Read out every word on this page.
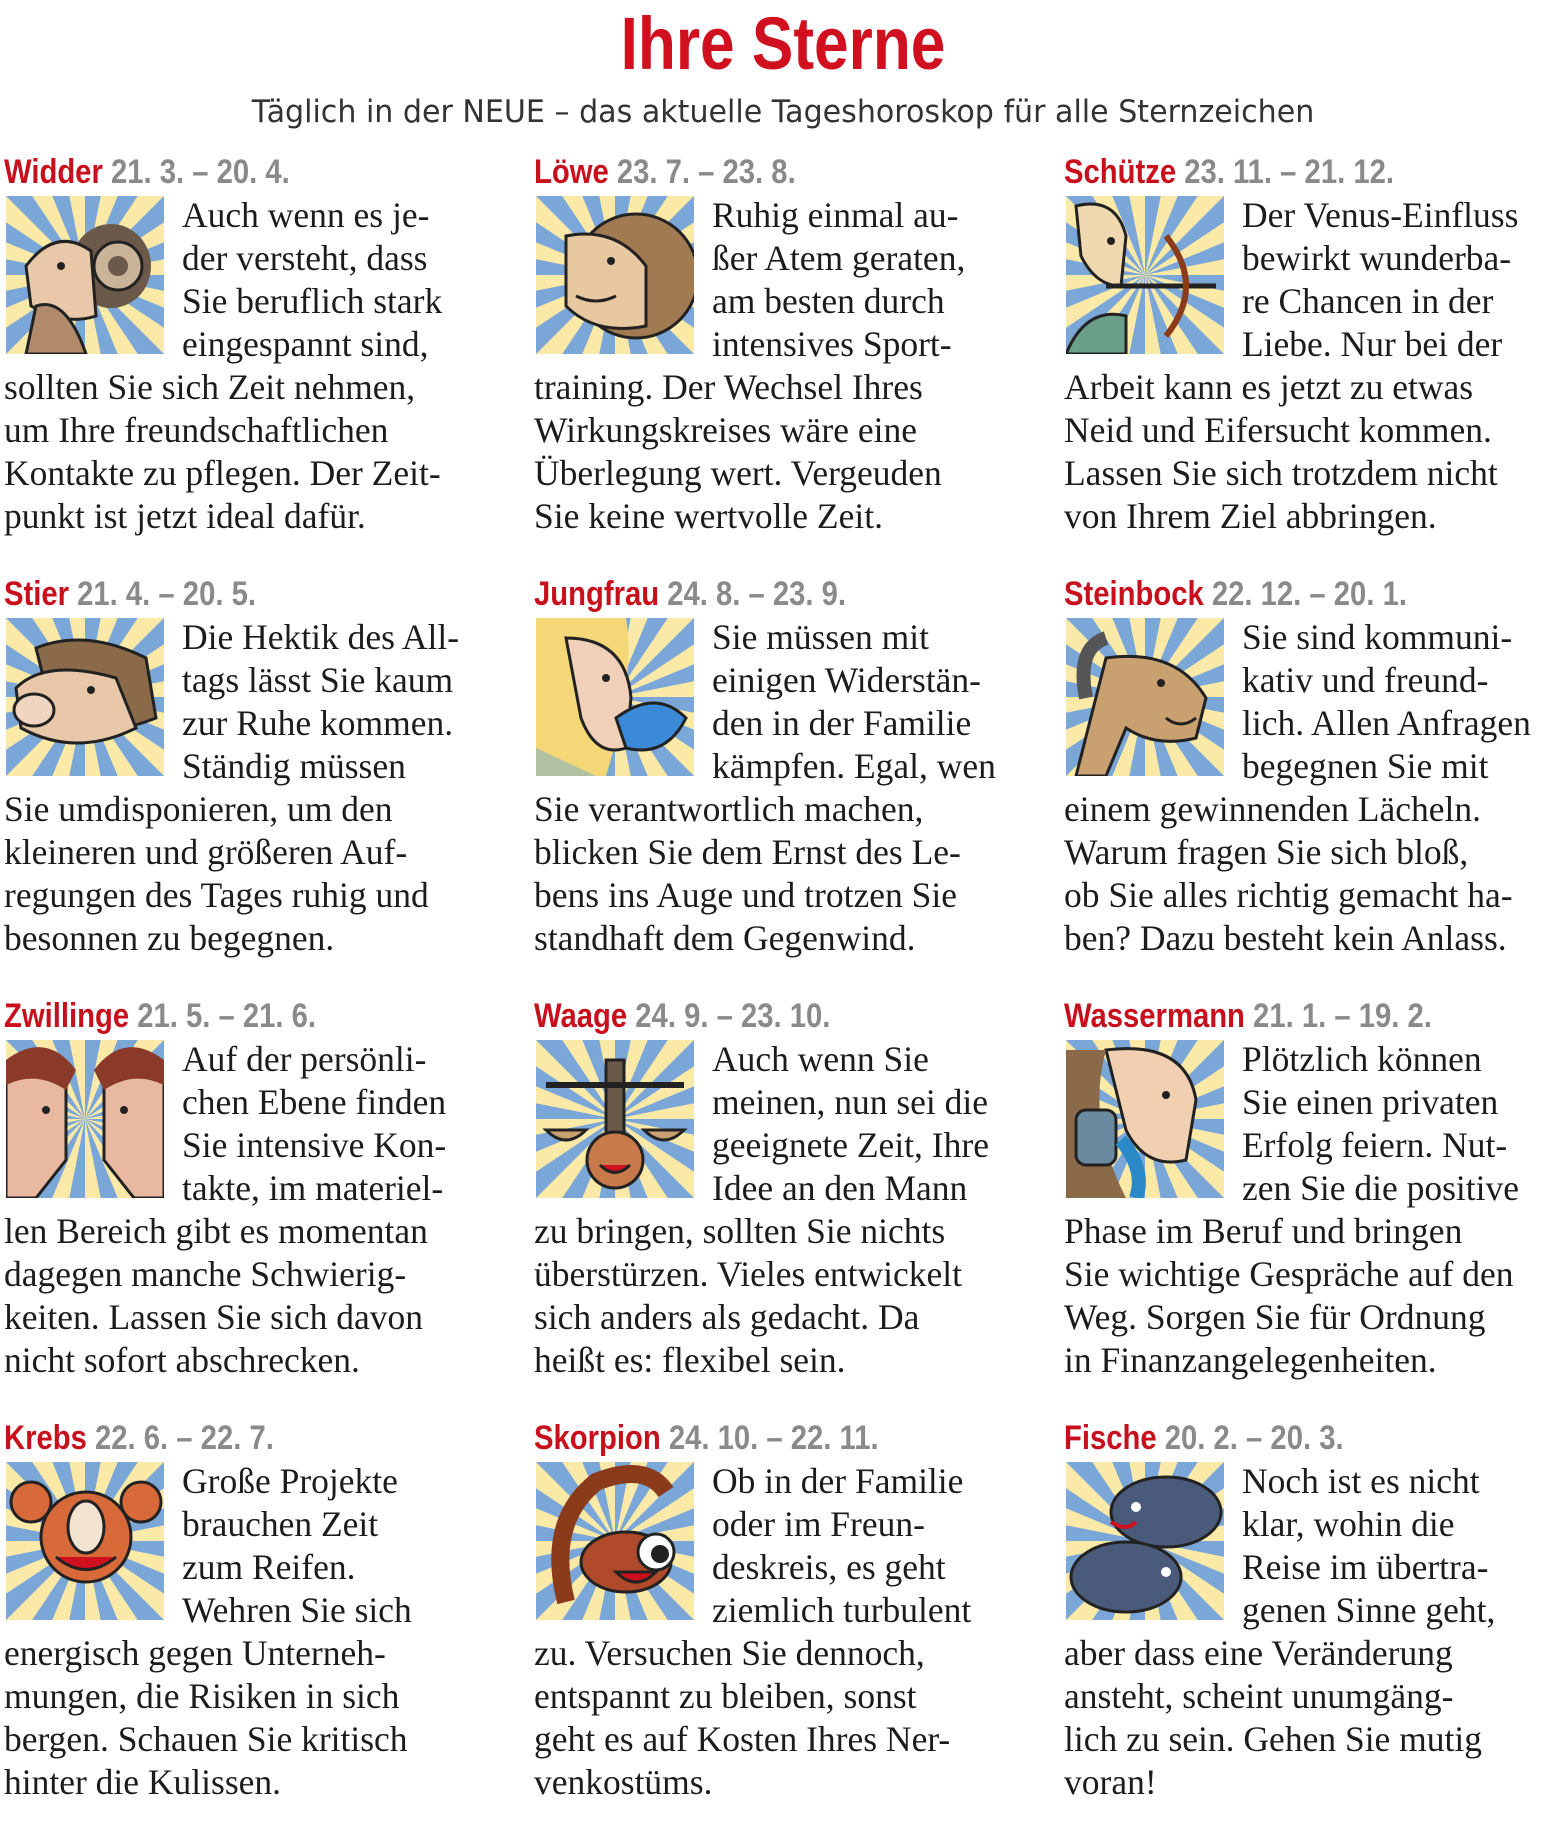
Ihre Sterne
Täglich in der NEUE – das aktuelle Tageshoroskop für alle Sternzeichen
Widder 21. 3. – 20. 4.
Auch wenn es je-
der versteht, dass
Sie beruflich stark
eingespannt sind,
sollten Sie sich Zeit nehmen,
um Ihre freundschaftlichen
Kontakte zu pflegen. Der Zeit-
punkt ist jetzt ideal dafür.
Stier 21. 4. – 20. 5.
Die Hektik des All-
tags lässt Sie kaum
zur Ruhe kommen.
Ständig müssen
Sie umdisponieren, um den
kleineren und größeren Auf-
regungen des Tages ruhig und
besonnen zu begegnen.
Zwillinge 21. 5. – 21. 6.
Auf der persönli-
chen Ebene finden
Sie intensive Kon-
takte, im materiel-
len Bereich gibt es momentan
dagegen manche Schwierig-
keiten. Lassen Sie sich davon
nicht sofort abschrecken.
Krebs 22. 6. – 22. 7.
Große Projekte
brauchen Zeit
zum Reifen.
Wehren Sie sich
energisch gegen Unterneh-
mungen, die Risiken in sich
bergen. Schauen Sie kritisch
hinter die Kulissen.
Löwe 23. 7. – 23. 8.
Ruhig einmal au-
ßer Atem geraten,
am besten durch
intensives Sport-
training. Der Wechsel Ihres
Wirkungskreises wäre eine
Überlegung wert. Vergeuden
Sie keine wertvolle Zeit.
Jungfrau 24. 8. – 23. 9.
Sie müssen mit
einigen Widerstän-
den in der Familie
kämpfen. Egal, wen
Sie verantwortlich machen,
blicken Sie dem Ernst des Le-
bens ins Auge und trotzen Sie
standhaft dem Gegenwind.
Waage 24. 9. – 23. 10.
Auch wenn Sie
meinen, nun sei die
geeignete Zeit, Ihre
Idee an den Mann
zu bringen, sollten Sie nichts
überstürzen. Vieles entwickelt
sich anders als gedacht. Da
heißt es: flexibel sein.
Skorpion 24. 10. – 22. 11.
Ob in der Familie
oder im Freun-
deskreis, es geht
ziemlich turbulent
zu. Versuchen Sie dennoch,
entspannt zu bleiben, sonst
geht es auf Kosten Ihres Ner-
venkostüms.
Schütze 23. 11. – 21. 12.
Der Venus-Einfluss
bewirkt wunderba-
re Chancen in der
Liebe. Nur bei der
Arbeit kann es jetzt zu etwas
Neid und Eifersucht kommen.
Lassen Sie sich trotzdem nicht
von Ihrem Ziel abbringen.
Steinbock 22. 12. – 20. 1.
Sie sind kommuni-
kativ und freund-
lich. Allen Anfragen
begegnen Sie mit
einem gewinnenden Lächeln.
Warum fragen Sie sich bloß,
ob Sie alles richtig gemacht ha-
ben? Dazu besteht kein Anlass.
Wassermann 21. 1. – 19. 2.
Plötzlich können
Sie einen privaten
Erfolg feiern. Nut-
zen Sie die positive
Phase im Beruf und bringen
Sie wichtige Gespräche auf den
Weg. Sorgen Sie für Ordnung
in Finanzangelegenheiten.
Fische 20. 2. – 20. 3.
Noch ist es nicht
klar, wohin die
Reise im übertra-
genen Sinne geht,
aber dass eine Veränderung
ansteht, scheint unumgäng-
lich zu sein. Gehen Sie mutig
voran!
